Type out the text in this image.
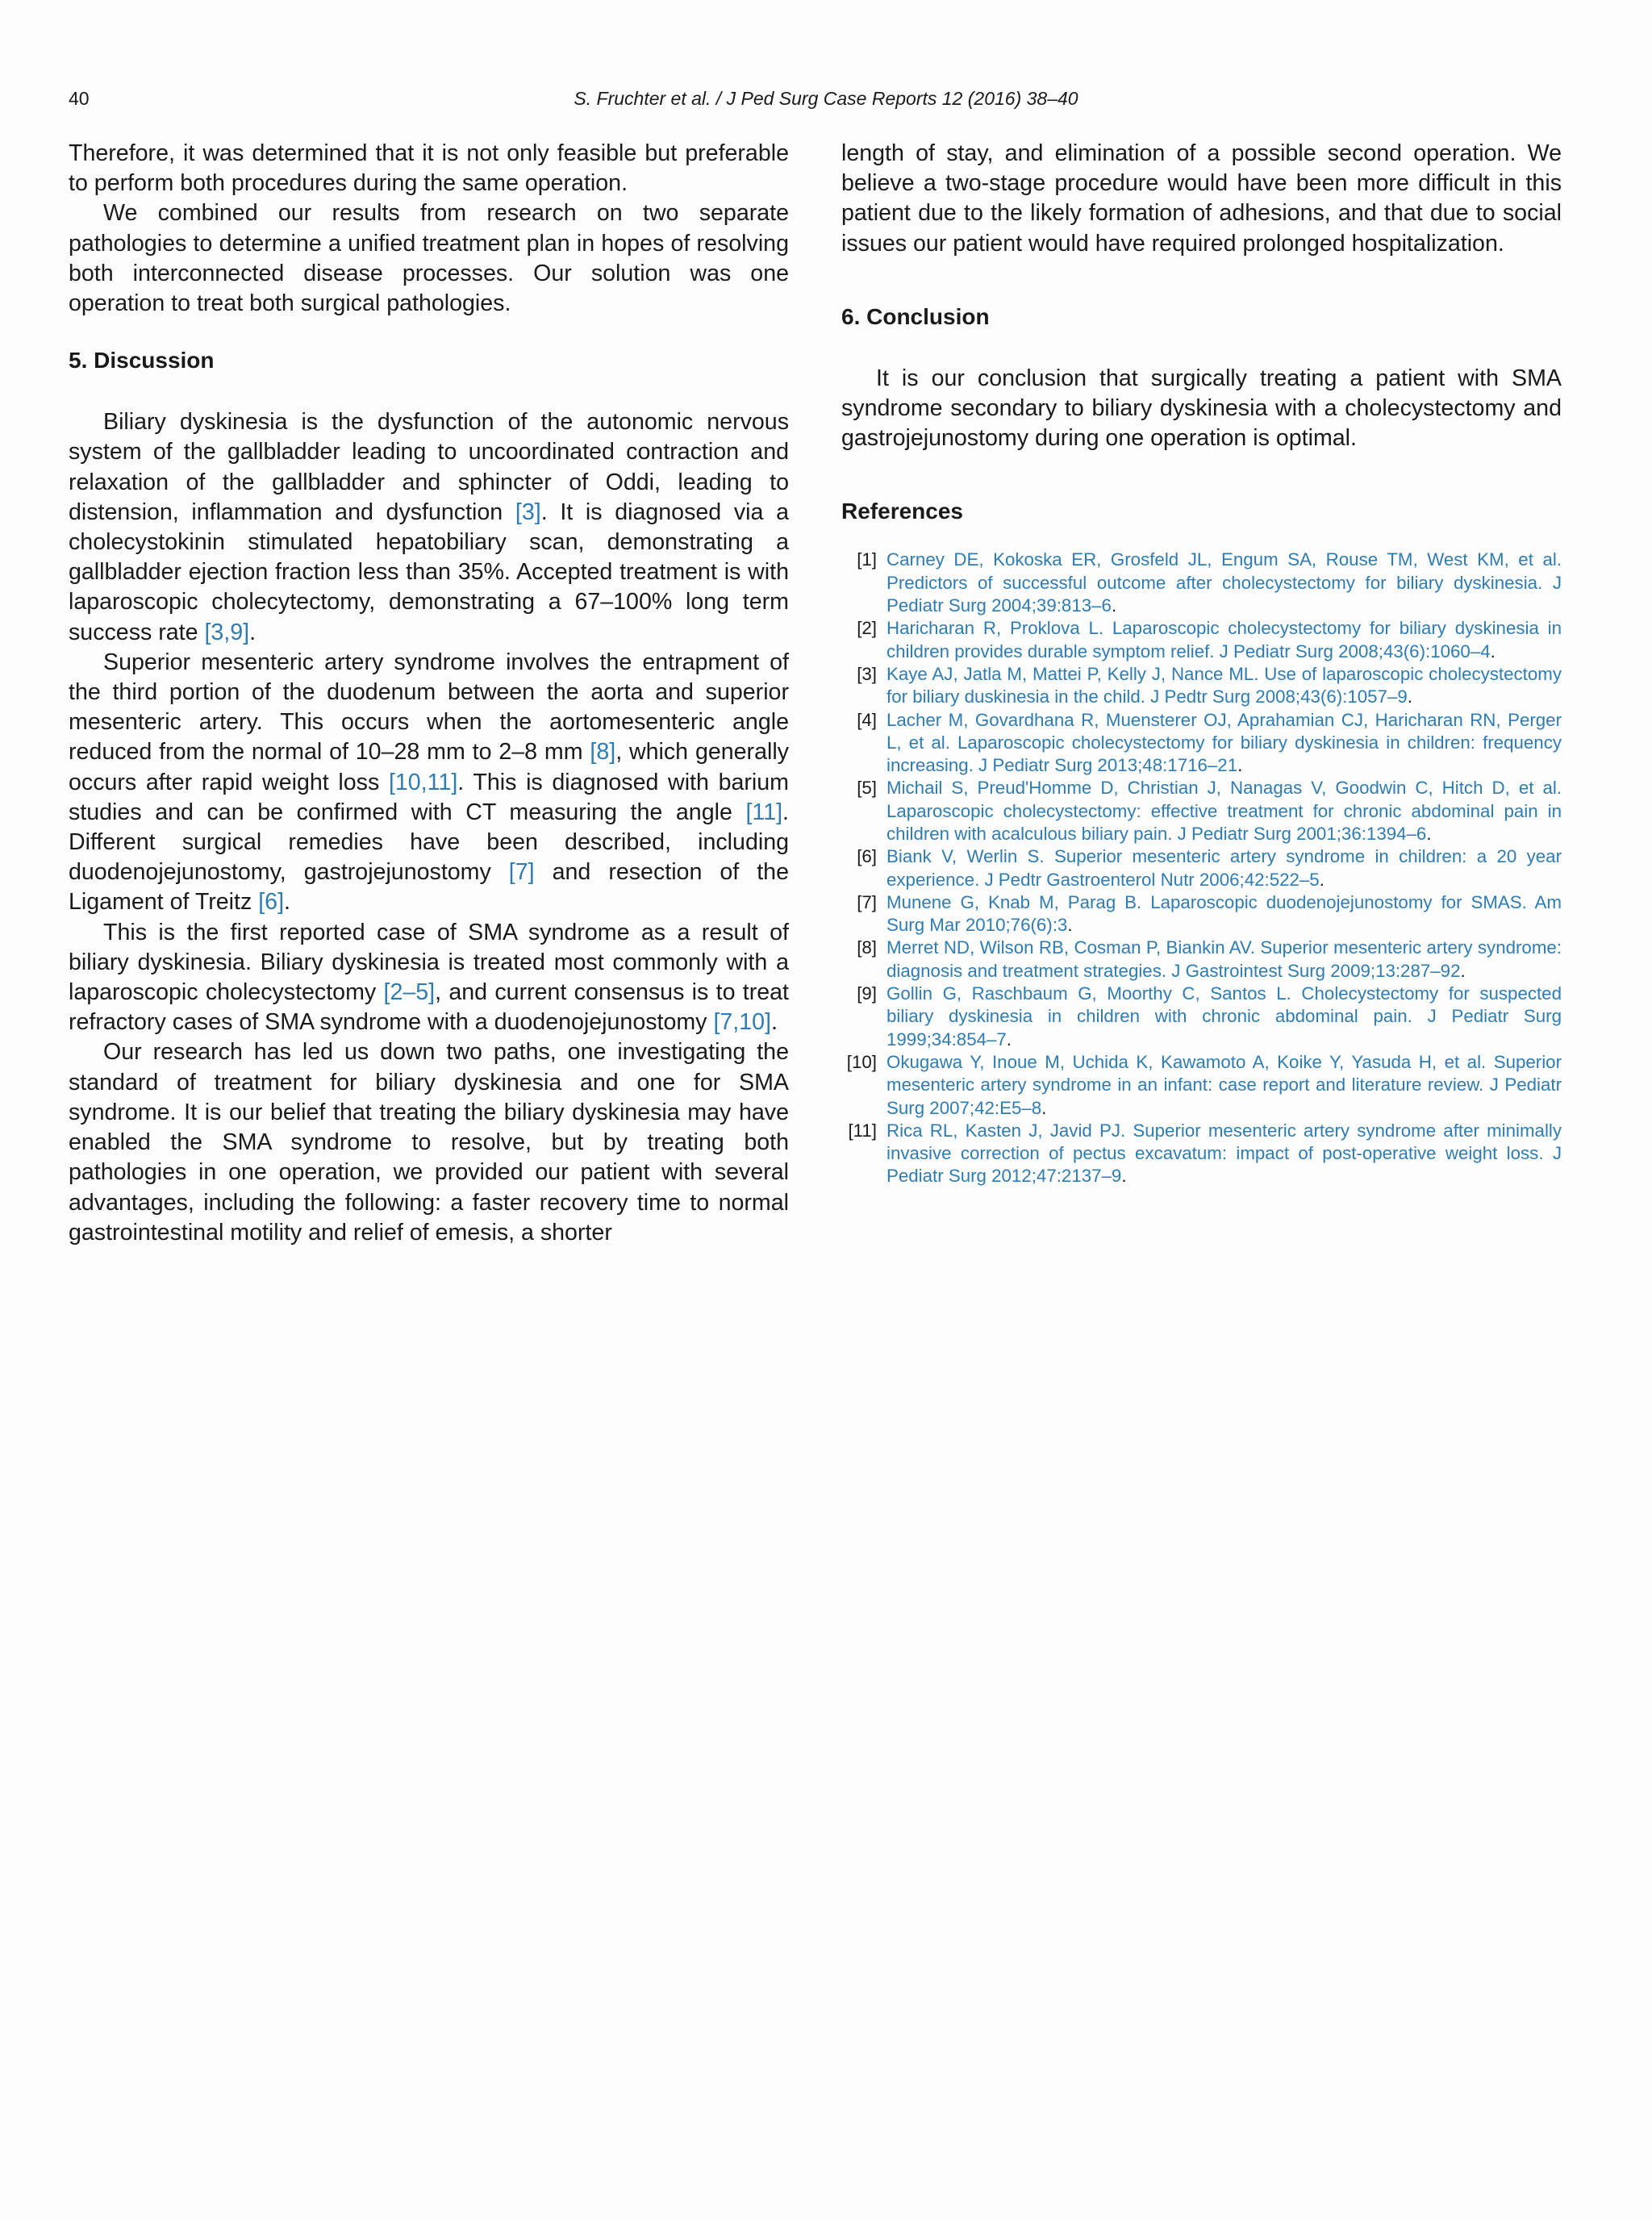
40	S. Fruchter et al. / J Ped Surg Case Reports 12 (2016) 38–40

Therefore, it was determined that it is not only feasible but preferable to perform both procedures during the same operation.

We combined our results from research on two separate pathologies to determine a unified treatment plan in hopes of resolving both interconnected disease processes. Our solution was one operation to treat both surgical pathologies.

5. Discussion

Biliary dyskinesia is the dysfunction of the autonomic nervous system of the gallbladder leading to uncoordinated contraction and relaxation of the gallbladder and sphincter of Oddi, leading to distension, inflammation and dysfunction [3]. It is diagnosed via a cholecystokinin stimulated hepatobiliary scan, demonstrating a gallbladder ejection fraction less than 35%. Accepted treatment is with laparoscopic cholecytectomy, demonstrating a 67–100% long term success rate [3,9].

Superior mesenteric artery syndrome involves the entrapment of the third portion of the duodenum between the aorta and superior mesenteric artery. This occurs when the aortomesenteric angle reduced from the normal of 10–28 mm to 2–8 mm [8], which generally occurs after rapid weight loss [10,11]. This is diagnosed with barium studies and can be confirmed with CT measuring the angle [11]. Different surgical remedies have been described, including duodenojejunostomy, gastrojejunostomy [7] and resection of the Ligament of Treitz [6].

This is the first reported case of SMA syndrome as a result of biliary dyskinesia. Biliary dyskinesia is treated most commonly with a laparoscopic cholecystectomy [2–5], and current consensus is to treat refractory cases of SMA syndrome with a duodenojejunostomy [7,10].

Our research has led us down two paths, one investigating the standard of treatment for biliary dyskinesia and one for SMA syndrome. It is our belief that treating the biliary dyskinesia may have enabled the SMA syndrome to resolve, but by treating both pathologies in one operation, we provided our patient with several advantages, including the following: a faster recovery time to normal gastrointestinal motility and relief of emesis, a shorter

length of stay, and elimination of a possible second operation. We believe a two-stage procedure would have been more difficult in this patient due to the likely formation of adhesions, and that due to social issues our patient would have required prolonged hospitalization.

6. Conclusion

It is our conclusion that surgically treating a patient with SMA syndrome secondary to biliary dyskinesia with a cholecystectomy and gastrojejunostomy during one operation is optimal.

References
[1] Carney DE, Kokoska ER, Grosfeld JL, Engum SA, Rouse TM, West KM, et al. Predictors of successful outcome after cholecystectomy for biliary dyskinesia. J Pediatr Surg 2004;39:813–6.
[2] Haricharan R, Proklova L. Laparoscopic cholecystectomy for biliary dyskinesia in children provides durable symptom relief. J Pediatr Surg 2008;43(6):1060–4.
[3] Kaye AJ, Jatla M, Mattei P, Kelly J, Nance ML. Use of laparoscopic cholecystectomy for biliary duskinesia in the child. J Pedtr Surg 2008;43(6):1057–9.
[4] Lacher M, Govardhana R, Muensterer OJ, Aprahamian CJ, Haricharan RN, Perger L, et al. Laparoscopic cholecystectomy for biliary dyskinesia in children: frequency increasing. J Pediatr Surg 2013;48:1716–21.
[5] Michail S, Preud'Homme D, Christian J, Nanagas V, Goodwin C, Hitch D, et al. Laparoscopic cholecystectomy: effective treatment for chronic abdominal pain in children with acalculous biliary pain. J Pediatr Surg 2001;36:1394–6.
[6] Biank V, Werlin S. Superior mesenteric artery syndrome in children: a 20 year experience. J Pedtr Gastroenterol Nutr 2006;42:522–5.
[7] Munene G, Knab M, Parag B. Laparoscopic duodenojejunostomy for SMAS. Am Surg Mar 2010;76(6):3.
[8] Merret ND, Wilson RB, Cosman P, Biankin AV. Superior mesenteric artery syndrome: diagnosis and treatment strategies. J Gastrointest Surg 2009;13:287–92.
[9] Gollin G, Raschbaum G, Moorthy C, Santos L. Cholecystectomy for suspected biliary dyskinesia in children with chronic abdominal pain. J Pediatr Surg 1999;34:854–7.
[10] Okugawa Y, Inoue M, Uchida K, Kawamoto A, Koike Y, Yasuda H, et al. Superior mesenteric artery syndrome in an infant: case report and literature review. J Pediatr Surg 2007;42:E5–8.
[11] Rica RL, Kasten J, Javid PJ. Superior mesenteric artery syndrome after minimally invasive correction of pectus excavatum: impact of post-operative weight loss. J Pediatr Surg 2012;47:2137–9.
